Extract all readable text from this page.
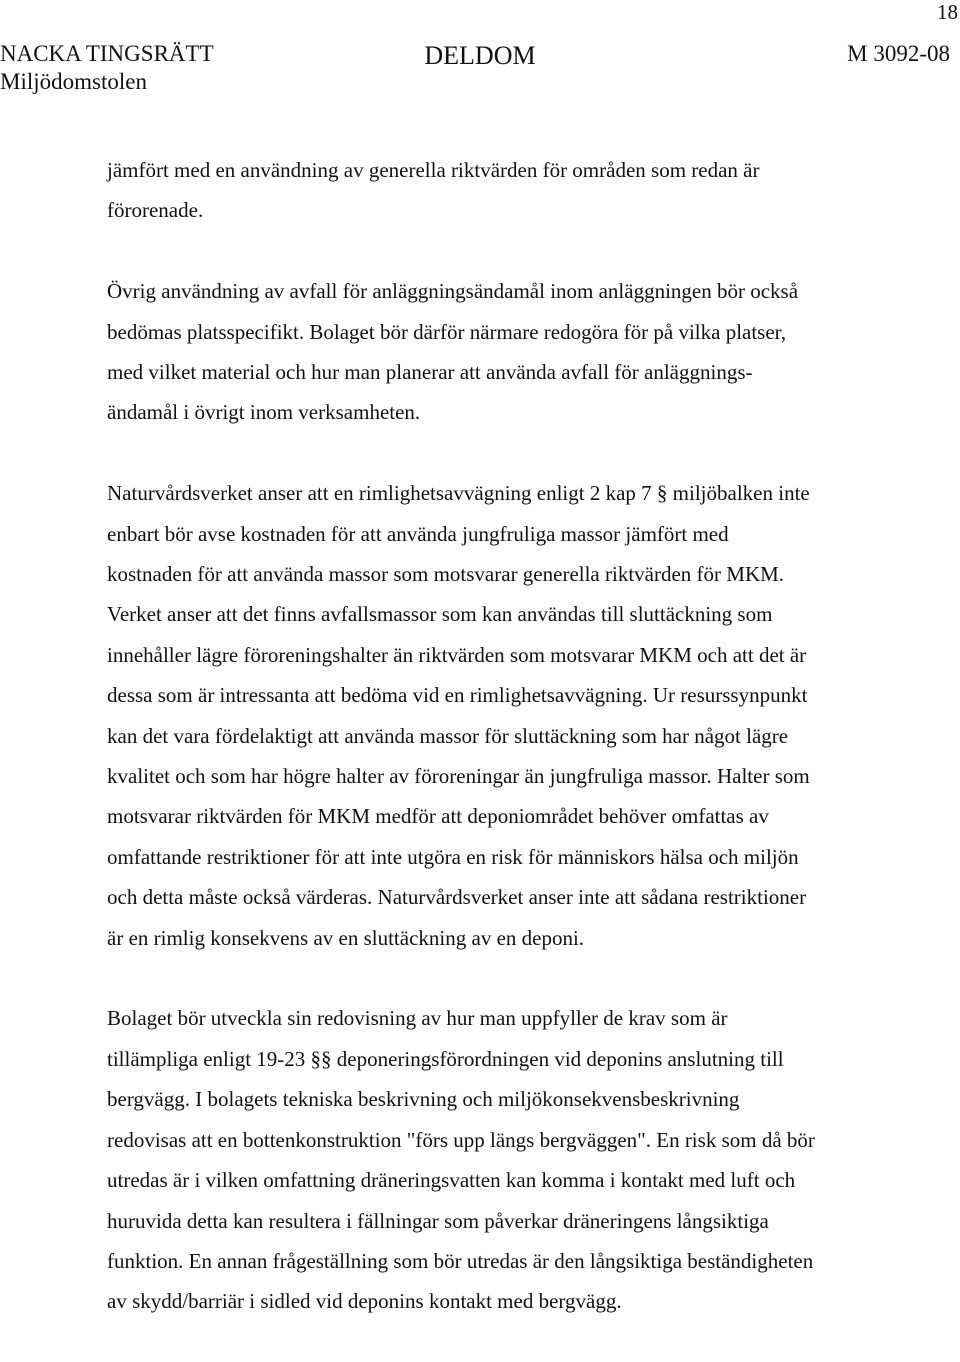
18
NACKA TINGSRÄTT
Miljödomstolen
DELDOM	M 3092-08
jämfört med en användning av generella riktvärden för områden som redan är
förorenade.
Övrig användning av avfall för anläggningsändamål inom anläggningen bör också
bedömas platsspecifikt. Bolaget bör därför närmare redogöra för på vilka platser,
med vilket material och hur man planerar att använda avfall för anläggnings-
ändamål i övrigt inom verksamheten.
Naturvårdsverket anser att en rimlighetsavvägning enligt 2 kap 7 § miljöbalken inte
enbart bör avse kostnaden för att använda jungfruliga massor jämfört med
kostnaden för att använda massor som motsvarar generella riktvärden för MKM.
Verket anser att det finns avfallsmassor som kan användas till sluttäckning som
innehåller lägre föroreningshalter än riktvärden som motsvarar MKM och att det är
dessa som är intressanta att bedöma vid en rimlighetsavvägning. Ur resurssynpunkt
kan det vara fördelaktigt att använda massor för sluttäckning som har något lägre
kvalitet och som har högre halter av föroreningar än jungfruliga massor. Halter som
motsvarar riktvärden för MKM medför att deponiområdet behöver omfattas av
omfattande restriktioner för att inte utgöra en risk för människors hälsa och miljön
och detta måste också värderas. Naturvårdsverket anser inte att sådana restriktioner
är en rimlig konsekvens av en sluttäckning av en deponi.
Bolaget bör utveckla sin redovisning av hur man uppfyller de krav som är
tillämpliga enligt 19-23 §§ deponeringsförordningen vid deponins anslutning till
bergvägg. I bolagets tekniska beskrivning och miljökonsekvensbeskrivning
redovisas att en bottenkonstruktion "förs upp längs bergväggen". En risk som då bör
utredas är i vilken omfattning dräneringsvatten kan komma i kontakt med luft och
huruvida detta kan resultera i fällningar som påverkar dräneringens långsiktiga
funktion. En annan frågeställning som bör utredas är den långsiktiga beständigheten
av skydd/barriär i sidled vid deponins kontakt med bergvägg.
